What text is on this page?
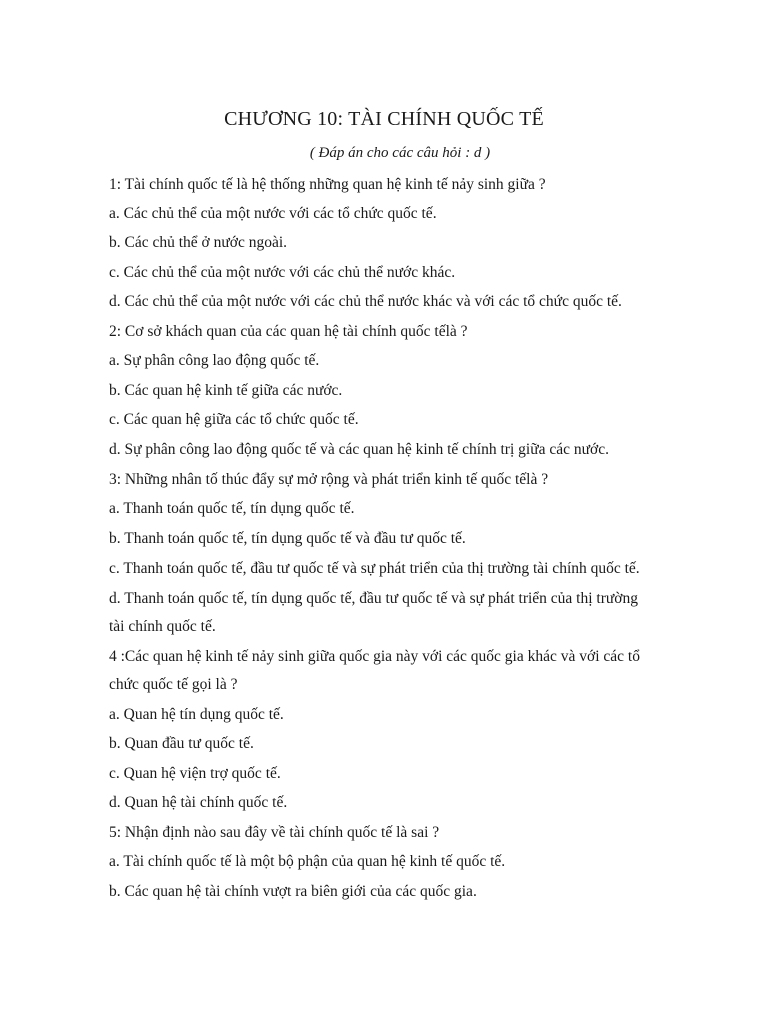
CHƯƠNG 10: TÀI CHÍNH QUỐC TẾ
( Đáp án cho các câu hỏi : d )
1: Tài chính quốc tế là hệ thống những quan hệ kinh tế nảy sinh giữa ?
a. Các chủ thể của một nước với các tổ chức quốc tế.
b. Các chủ thể ở nước ngoài.
c. Các chủ thể của một nước với các chủ thể nước khác.
d. Các chủ thể của một nước với các chủ thể nước khác và với các tổ chức quốc tế.
2: Cơ sở khách quan của các quan hệ tài chính quốc tếlà ?
a. Sự phân công lao động quốc tế.
b. Các quan hệ kinh tế giữa các nước.
c. Các quan hệ giữa các tổ chức quốc tế.
d. Sự phân công lao động quốc tế và các quan hệ kinh tế chính trị giữa các nước.
3: Những nhân tố thúc đẩy sự mở rộng và phát triển kinh tế quốc tếlà ?
a. Thanh toán quốc tế, tín dụng quốc tế.
b. Thanh toán quốc tế, tín dụng quốc tế và đầu tư quốc tế.
c. Thanh toán quốc tế, đầu tư quốc tế và sự phát triển của thị trường tài chính quốc tế.
d. Thanh toán quốc tế, tín dụng quốc tế, đầu tư quốc tế và sự phát triển của thị trường
tài chính quốc tế.
4 :Các quan hệ kinh tế nảy sinh giữa quốc gia này với các quốc gia khác và với các tổ
chức quốc tế gọi là ?
a. Quan hệ tín dụng quốc tế.
b. Quan đầu tư quốc tế.
c. Quan hệ viện trợ quốc tế.
d. Quan hệ tài chính quốc tế.
5: Nhận định nào sau đây về tài chính quốc tế là sai ?
a. Tài chính quốc tế là một bộ phận của quan hệ kinh tế quốc tế.
b. Các quan hệ tài chính vượt ra biên giới của các quốc gia.
